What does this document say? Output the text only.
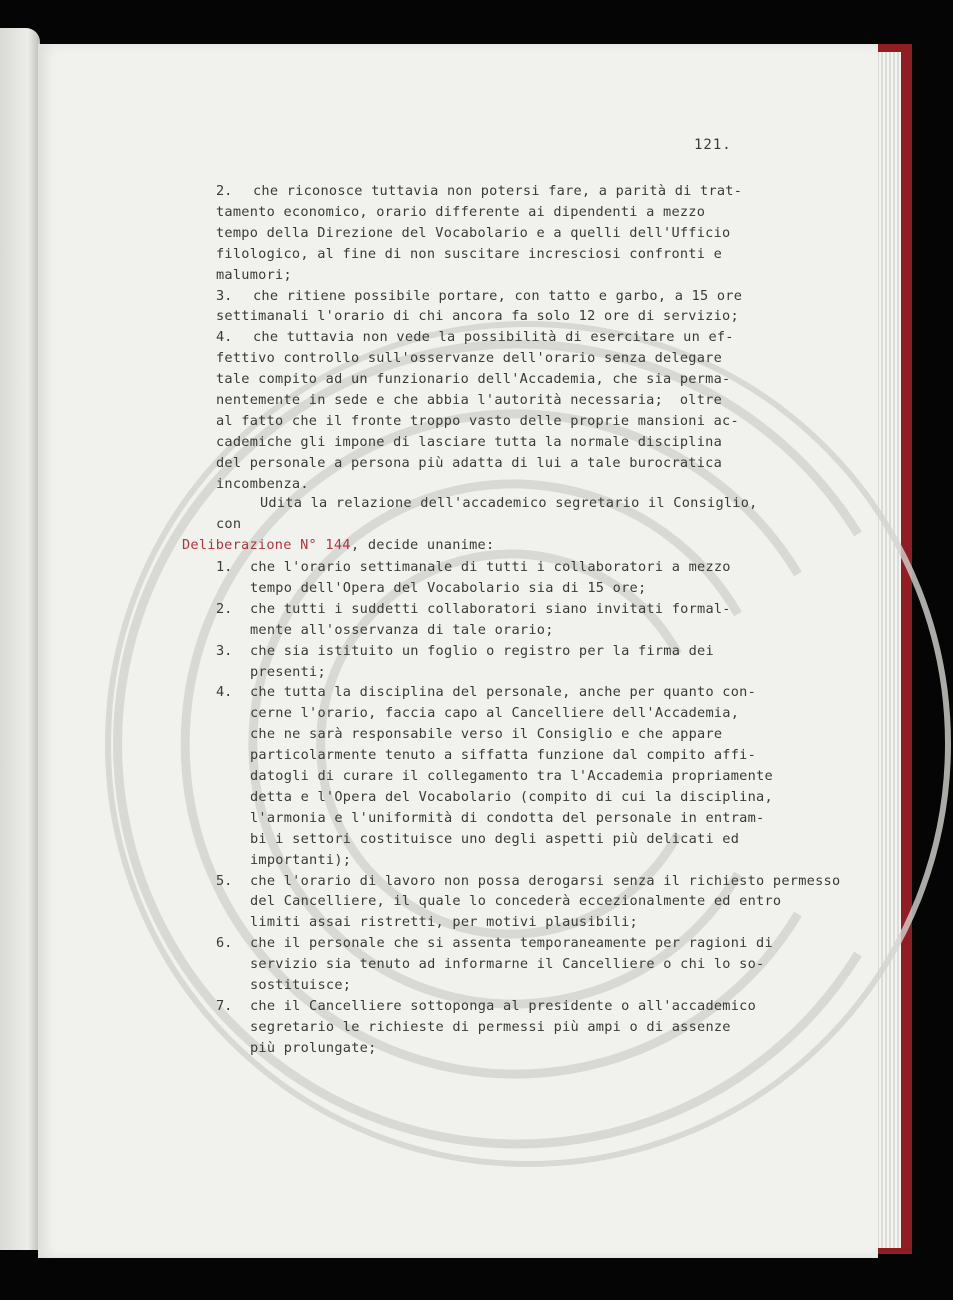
121.
2. che riconosce tuttavia non potersi fare, a parità di trat-
tamento economico, orario differente ai dipendenti a mezzo
tempo della Direzione del Vocabolario e a quelli dell'Ufficio
filologico, al fine di non suscitare incresciosi confronti e
malumori;
3. che ritiene possibile portare, con tatto e garbo, a 15 ore
settimanali l'orario di chi ancora fa solo 12 ore di servizio;
4. che tuttavia non vede la possibilità di esercitare un ef-
fettivo controllo sull'osservanze dell'orario senza delegare
tale compito ad un funzionario dell'Accademia, che sia perma-
nentemente in sede e che abbia l'autorità necessaria;  oltre
al fatto che il fronte troppo vasto delle proprie mansioni ac-
cademiche gli impone di lasciare tutta la normale disciplina
del personale a persona più adatta di lui a tale burocratica
incombenza.
Udita la relazione dell'accademico segretario il Consiglio,
con
Deliberazione N° 144 , decide unanime:
1. che l'orario settimanale di tutti i collaboratori a mezzo
tempo dell'Opera del Vocabolario sia di 15 ore;
2. che tutti i suddetti collaboratori siano invitati formal-
mente all'osservanza di tale orario;
3. che sia istituito un foglio o registro per la firma dei
presenti;
4. che tutta la disciplina del personale, anche per quanto con-
cerne l'orario, faccia capo al Cancelliere dell'Accademia,
che ne sarà responsabile verso il Consiglio e che appare
particolarmente tenuto a siffatta funzione dal compito affi-
datogli di curare il collegamento tra l'Accademia propriamente
detta e l'Opera del Vocabolario (compito di cui la disciplina,
l'armonia e l'uniformità di condotta del personale in entram-
bi i settori costituisce uno degli aspetti più delicati ed
importanti);
5. che l'orario di lavoro non possa derogarsi senza il richiesto permesso
del Cancelliere, il quale lo concederà eccezionalmente ed entro
limiti assai ristretti, per motivi plausibili;
6. che il personale che si assenta temporaneamente per ragioni di
servizio sia tenuto ad informarne il Cancelliere o chi lo so-
sostituisce;
7. che il Cancelliere sottoponga al presidente o all'accademico
segretario le richieste di permessi più ampi o di assenze
più prolungate;
